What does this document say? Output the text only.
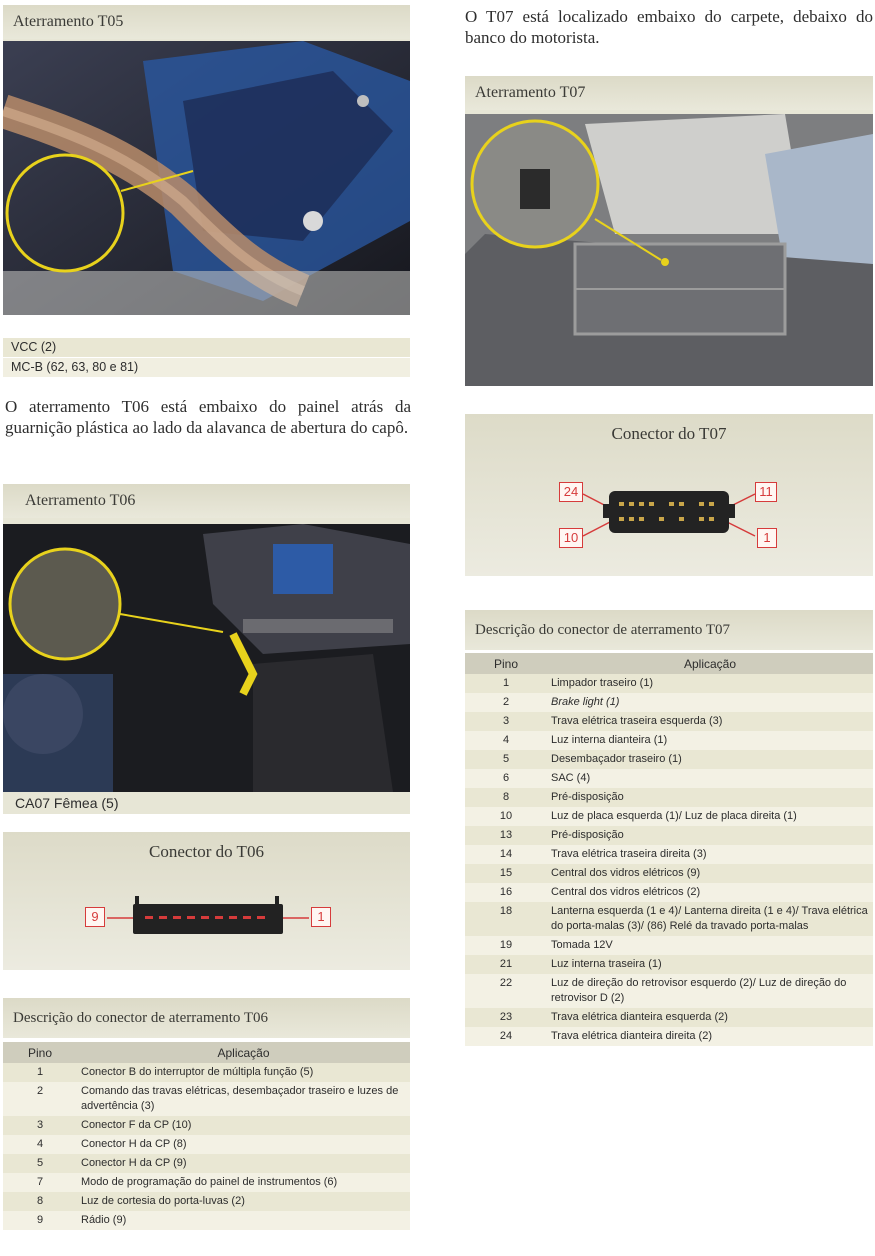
Aterramento T05
VCC (2)
MC-B (62, 63, 80 e 81)
O aterramento T06 está embaixo do painel atrás da guarnição plástica ao lado da alavanca de abertura do capô.
Aterramento T06
CA07 Fêmea (5)
Conector do T06
9	1
Descrição do conector de aterramento T06
Pino	Aplicação
1	Conector B do interruptor de múltipla função (5)
2	Comando das travas elétricas, desembaçador traseiro e luzes de advertência (3)
3	Conector F da CP (10)
4	Conector H da CP (8)
5	Conector H da CP (9)
7	Modo de programação do painel de instrumentos (6)
8	Luz de cortesia do porta-luvas (2)
9	Rádio (9)
O T07 está localizado embaixo do carpete, debaixo do banco do motorista.
Aterramento T07
Conector do T07
24	11
10	1
Descrição do conector de aterramento T07
Pino	Aplicação
1	Limpador traseiro (1)
2	Brake light (1)
3	Trava elétrica traseira esquerda (3)
4	Luz interna dianteira (1)
5	Desembaçador traseiro (1)
6	SAC (4)
8	Pré-disposição
10	Luz de placa esquerda (1)/ Luz de placa direita (1)
13	Pré-disposição
14	Trava elétrica traseira direita (3)
15	Central dos vidros elétricos (9)
16	Central dos vidros elétricos (2)
18	Lanterna esquerda (1 e 4)/ Lanterna direita (1 e 4)/ Trava elétrica do porta-malas (3)/ (86) Relé da travado porta-malas
19	Tomada 12V
21	Luz interna traseira (1)
22	Luz de direção do retrovisor esquerdo (2)/ Luz de direção do retrovisor D (2)
23	Trava elétrica dianteira esquerda (2)
24	Trava elétrica dianteira direita (2)
